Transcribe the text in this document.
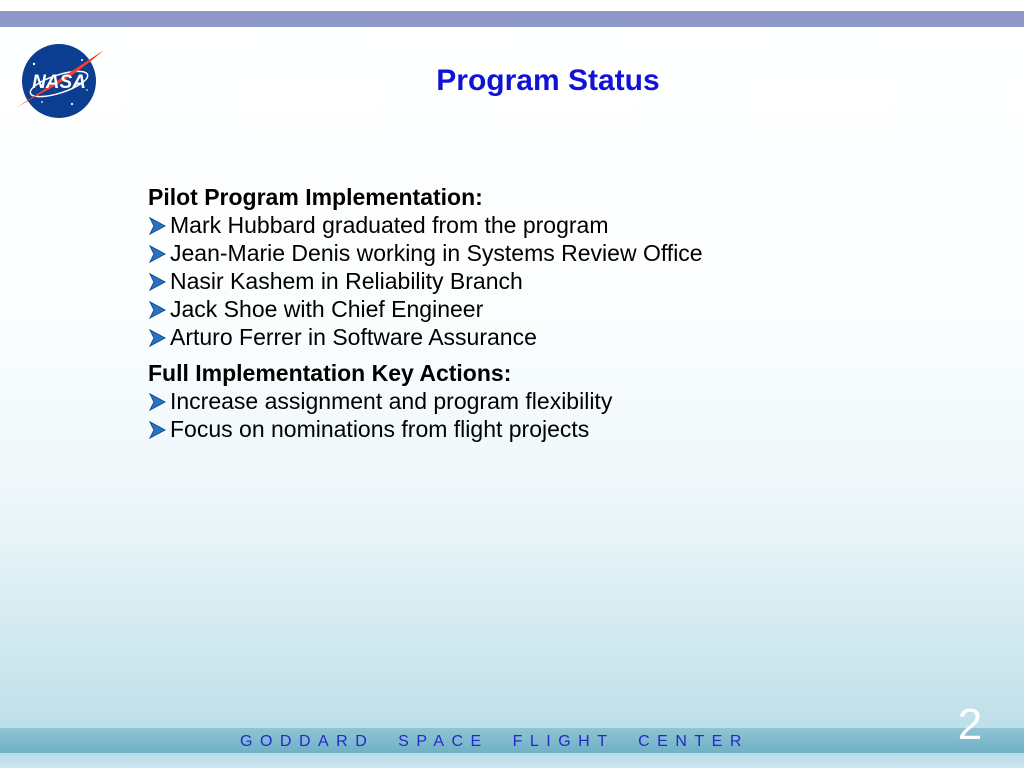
NASA	Program Status
Pilot Program Implementation:
Mark Hubbard graduated from the program
Jean-Marie Denis working in Systems Review Office
Nasir Kashem in Reliability Branch
Jack Shoe with Chief Engineer
Arturo Ferrer in Software Assurance
Full Implementation Key Actions:
Increase assignment and program flexibility
Focus on nominations from flight projects
GODDARD  SPACE  FLIGHT  CENTER	2
